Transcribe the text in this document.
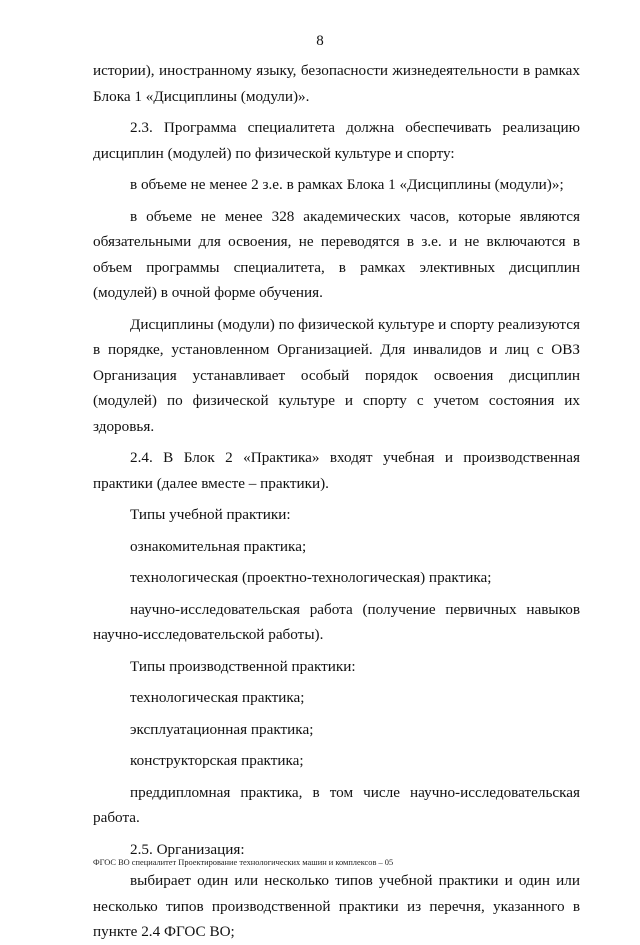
8

истории), иностранному языку, безопасности жизнедеятельности в рамках Блока 1 «Дисциплины (модули)».

2.3. Программа специалитета должна обеспечивать реализацию дисциплин (модулей) по физической культуре и спорту:

в объеме не менее 2 з.е. в рамках Блока 1 «Дисциплины (модули)»;

в объеме не менее 328 академических часов, которые являются обязательными для освоения, не переводятся в з.е. и не включаются в объем программы специалитета, в рамках элективных дисциплин (модулей) в очной форме обучения.

Дисциплины (модули) по физической культуре и спорту реализуются в порядке, установленном Организацией. Для инвалидов и лиц с ОВЗ Организация устанавливает особый порядок освоения дисциплин (модулей) по физической культуре и спорту с учетом состояния их здоровья.

2.4. В Блок 2 «Практика» входят учебная и производственная практики (далее вместе – практики).

Типы учебной практики:

ознакомительная практика;

технологическая (проектно-технологическая) практика;

научно-исследовательская работа (получение первичных навыков научно-исследовательской работы).

Типы производственной практики:

технологическая практика;

эксплуатационная практика;

конструкторская практика;

преддипломная практика, в том числе научно-исследовательская работа.

2.5. Организация:

выбирает один или несколько типов учебной практики и один или несколько типов производственной практики из перечня, указанного в пункте 2.4 ФГОС ВО;

ФГОС ВО специалитет Проектирование технологических машин и комплексов – 05
